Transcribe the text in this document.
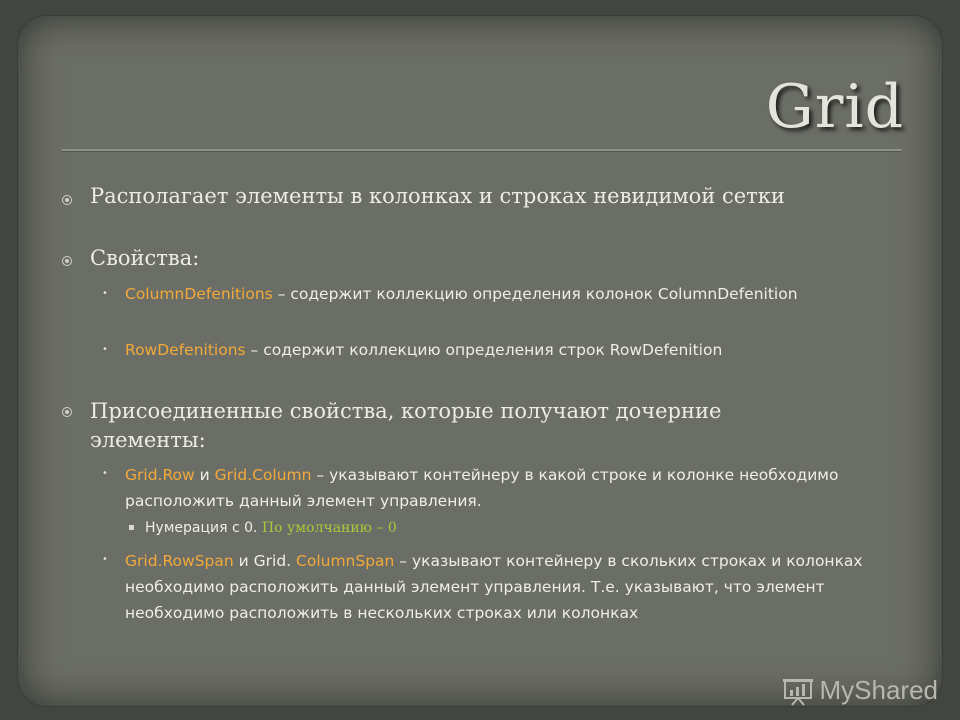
Grid
Располагает элементы в колонках и строках невидимой сетки
Свойства:
• ColumnDefenitions – содержит коллекцию определения колонок ColumnDefenition
• RowDefenitions – содержит коллекцию определения строк RowDefenition
Присоединенные свойства, которые получают дочерние элементы:
• Grid.Row и Grid.Column – указывают контейнеру в какой строке и колонке необходимо расположить данный элемент управления.
▪ Нумерация с 0. По умолчанию – 0
• Grid.RowSpan и Grid. ColumnSpan – указывают контейнеру в скольких строках и колонках необходимо расположить данный элемент управления. Т.е. указывают, что элемент необходимо расположить в нескольких строках или колонках
MyShared
